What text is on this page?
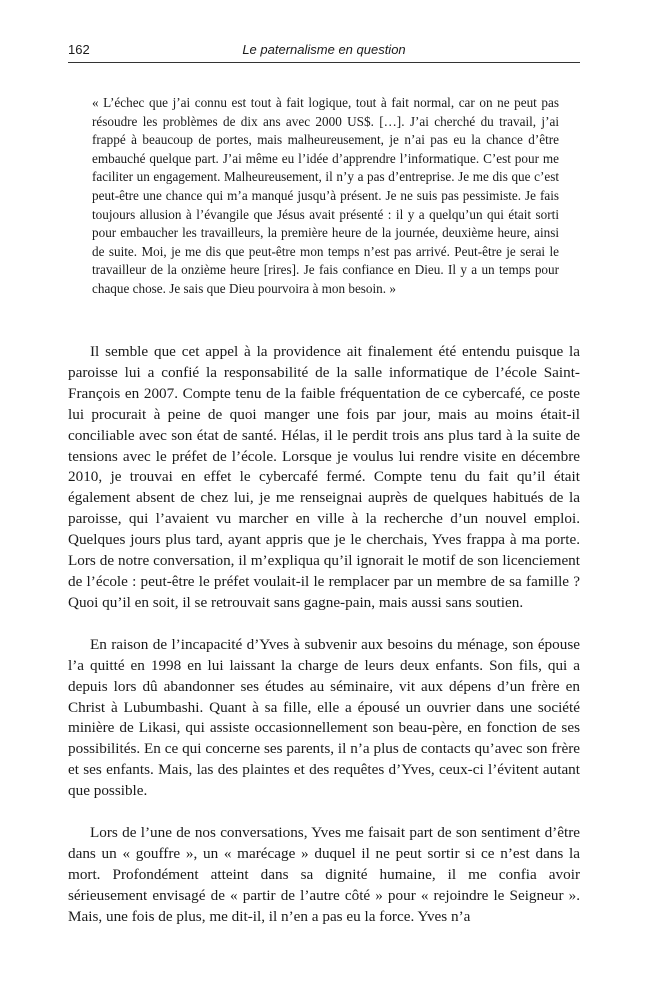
162	Le paternalisme en question

« L’échec que j’ai connu est tout à fait logique, tout à fait normal, car on ne peut pas résoudre les problèmes de dix ans avec 2000 US$. […]. J’ai cherché du travail, j’ai frappé à beaucoup de portes, mais malheureusement, je n’ai pas eu la chance d’être embauché quelque part. J’ai même eu l’idée d’apprendre l’informatique. C’est pour me faciliter un engagement. Malheureusement, il n’y a pas d’entreprise. Je me dis que c’est peut-être une chance qui m’a manqué jusqu’à présent. Je ne suis pas pessimiste. Je fais toujours allusion à l’évangile que Jésus avait présenté : il y a quelqu’un qui était sorti pour embaucher les travailleurs, la première heure de la journée, deuxième heure, ainsi de suite. Moi, je me dis que peut-être mon temps n’est pas arrivé. Peut-être je serai le travailleur de la onzième heure [rires]. Je fais confiance en Dieu. Il y a un temps pour chaque chose. Je sais que Dieu pourvoira à mon besoin. »

Il semble que cet appel à la providence ait finalement été entendu puisque la paroisse lui a confié la responsabilité de la salle informatique de l’école Saint-François en 2007. Compte tenu de la faible fréquentation de ce cybercafé, ce poste lui procurait à peine de quoi manger une fois par jour, mais au moins était-il conciliable avec son état de santé. Hélas, il le perdit trois ans plus tard à la suite de tensions avec le préfet de l’école. Lorsque je voulus lui rendre visite en décembre 2010, je trouvai en effet le cybercafé fermé. Compte tenu du fait qu’il était également absent de chez lui, je me renseignai auprès de quelques habitués de la paroisse, qui l’avaient vu marcher en ville à la recherche d’un nouvel emploi. Quelques jours plus tard, ayant appris que je le cherchais, Yves frappa à ma porte. Lors de notre conversation, il m’expliqua qu’il ignorait le motif de son licenciement de l’école : peut-être le préfet voulait-il le remplacer par un membre de sa famille ? Quoi qu’il en soit, il se retrouvait sans gagne-pain, mais aussi sans soutien.

En raison de l’incapacité d’Yves à subvenir aux besoins du ménage, son épouse l’a quitté en 1998 en lui laissant la charge de leurs deux enfants. Son fils, qui a depuis lors dû abandonner ses études au séminaire, vit aux dépens d’un frère en Christ à Lubumbashi. Quant à sa fille, elle a épousé un ouvrier dans une société minière de Likasi, qui assiste occasionnellement son beau-père, en fonction de ses possibilités. En ce qui concerne ses parents, il n’a plus de contacts qu’avec son frère et ses enfants. Mais, las des plaintes et des requêtes d’Yves, ceux-ci l’évitent autant que possible.

Lors de l’une de nos conversations, Yves me faisait part de son sentiment d’être dans un « gouffre », un « marécage » duquel il ne peut sortir si ce n’est dans la mort. Profondément atteint dans sa dignité humaine, il me confia avoir sérieusement envisagé de « partir de l’autre côté » pour « rejoindre le Seigneur ». Mais, une fois de plus, me dit-il, il n’en a pas eu la force. Yves n’a
